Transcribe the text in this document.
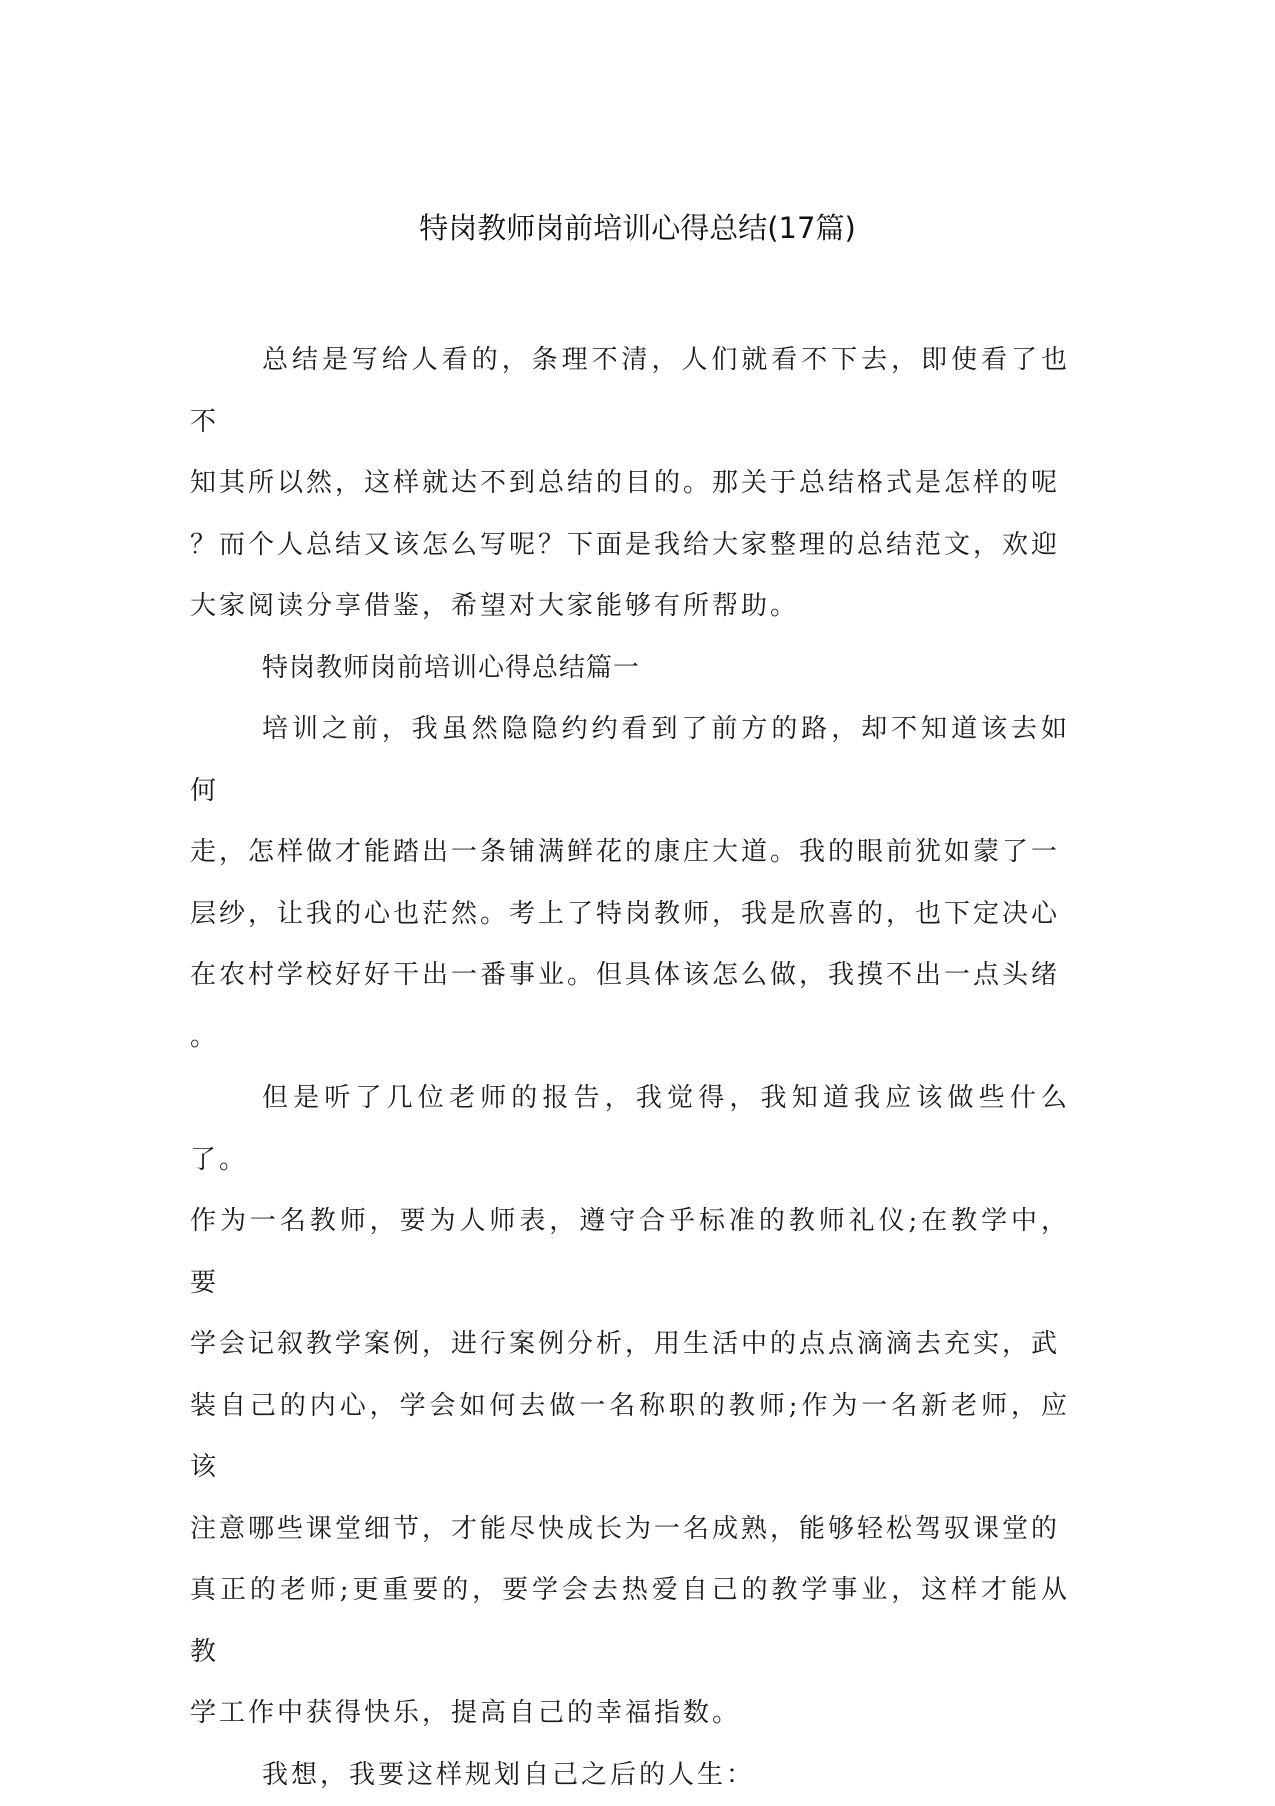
特岗教师岗前培训心得总结(17篇)

总结是写给人看的，条理不清，人们就看不下去，即使看了也不
知其所以然，这样就达不到总结的目的。那关于总结格式是怎样的呢
？而个人总结又该怎么写呢？下面是我给大家整理的总结范文，欢迎
大家阅读分享借鉴，希望对大家能够有所帮助。

特岗教师岗前培训心得总结篇一

培训之前，我虽然隐隐约约看到了前方的路，却不知道该去如何
走，怎样做才能踏出一条铺满鲜花的康庄大道。我的眼前犹如蒙了一
层纱，让我的心也茫然。考上了特岗教师，我是欣喜的，也下定决心
在农村学校好好干出一番事业。但具体该怎么做，我摸不出一点头绪
。

但是听了几位老师的报告，我觉得，我知道我应该做些什么了。
作为一名教师，要为人师表，遵守合乎标准的教师礼仪;在教学中，要
学会记叙教学案例，进行案例分析，用生活中的点点滴滴去充实，武
装自己的内心，学会如何去做一名称职的教师;作为一名新老师，应该
注意哪些课堂细节，才能尽快成长为一名成熟，能够轻松驾驭课堂的
真正的老师;更重要的，要学会去热爱自己的教学事业，这样才能从教
学工作中获得快乐，提高自己的幸福指数。

我想，我要这样规划自己之后的人生：
